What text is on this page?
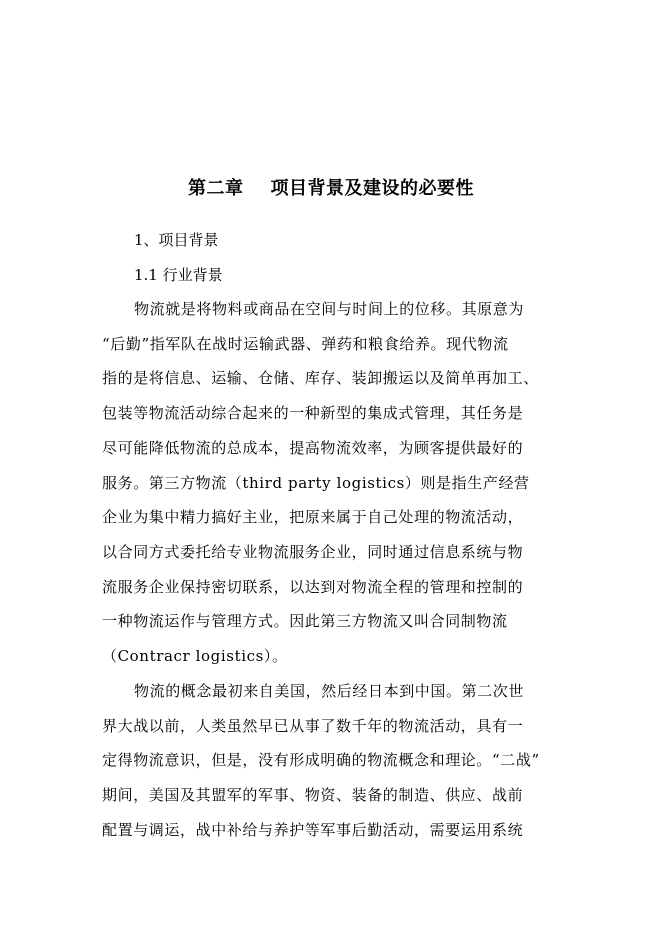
第二章    项目背景及建设的必要性
1、项目背景
1.1 行业背景
物流就是将物料或商品在空间与时间上的位移。其原意为
“后勤”指军队在战时运输武器、弹药和粮食给养。现代物流
指的是将信息、运输、仓储、库存、装卸搬运以及简单再加工、
包装等物流活动综合起来的一种新型的集成式管理，其任务是
尽可能降低物流的总成本，提高物流效率，为顾客提供最好的
服务。第三方物流（third party logistics）则是指生产经营
企业为集中精力搞好主业，把原来属于自己处理的物流活动，
以合同方式委托给专业物流服务企业，同时通过信息系统与物
流服务企业保持密切联系，以达到对物流全程的管理和控制的
一种物流运作与管理方式。因此第三方物流又叫合同制物流
（Contracr logistics）。
物流的概念最初来自美国，然后经日本到中国。第二次世
界大战以前，人类虽然早已从事了数千年的物流活动，具有一
定得物流意识，但是，没有形成明确的物流概念和理论。“二战”
期间，美国及其盟军的军事、物资、装备的制造、供应、战前
配置与调运，战中补给与养护等军事后勤活动，需要运用系统
